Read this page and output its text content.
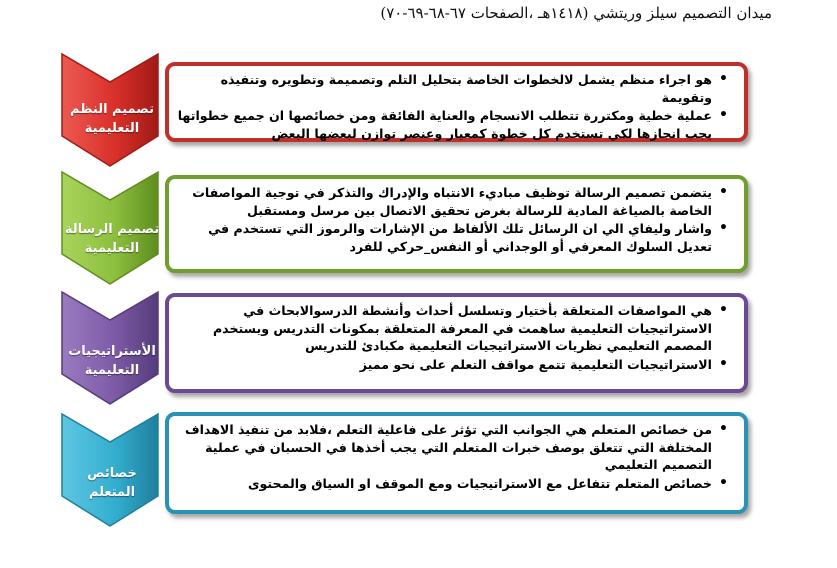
ميدان التصميم سيلز وريتشي (١٤١٨هـ ،الصفحات ٦٧-٦٨-٦٩-٧٠)
تصميم النظم
التعليمية
• هو اجراء منظم يشمل لالخطوات الخاصة بتحليل التلم وتصميمة وتطويره وتنفيذه وتقويمة
• عملية خطية ومكتررة تتطلب الانسجام والعناية الفائقة ومن خصائصها ان جميع خطواتها يجب انجازها لكي تستخدم كل خطوة كمعيار وعنصر توازن لبعضها البعض
تصميم الرسالة
التعليمية
• يتضمن تصميم الرسالة توظيف مباديء الانتباه والإدراك والتذكر في توجية المواصفات الخاصة بالصياغة المادية للرسالة بغرض تحقيق الاتصال بين مرسل ومستقبل
• واشار وليفاي الي ان الرسائل تلك الألفاظ من الإشارات والرموز التي تستخدم في تعديل السلوك المعرفي أو الوجداني أو النفس_حركي للفرد
الأستراتيجيات
التعليمية
• هي المواصفات المتعلقة بأختيار وتسلسل أحداث وأنشطة الدرسوالابحاث في الاستراتيجيات التعليمية ساهمت في المعرفة المتعلقة بمكونات التدريس ويستخدم المصمم التعليمي نظريات الاستراتيجيات التعليمية مكبادئ للتدريس
• الاستراتيجيات التعليمية تتمع مواقف التعلم على نحو مميز
خصائص
المتعلم
• من خصائص المتعلم هي الجوانب التي تؤثر على فاعلية التعلم ،فلابد من تنفيذ الاهداف المختلفة التي تتعلق بوصف خبرات المتعلم التي يجب أخذها في الحسبان في عملية التصميم التعليمي
• خصائص المتعلم تتفاعل مع الاستراتيجيات ومع الموقف او السياق والمحتوى
